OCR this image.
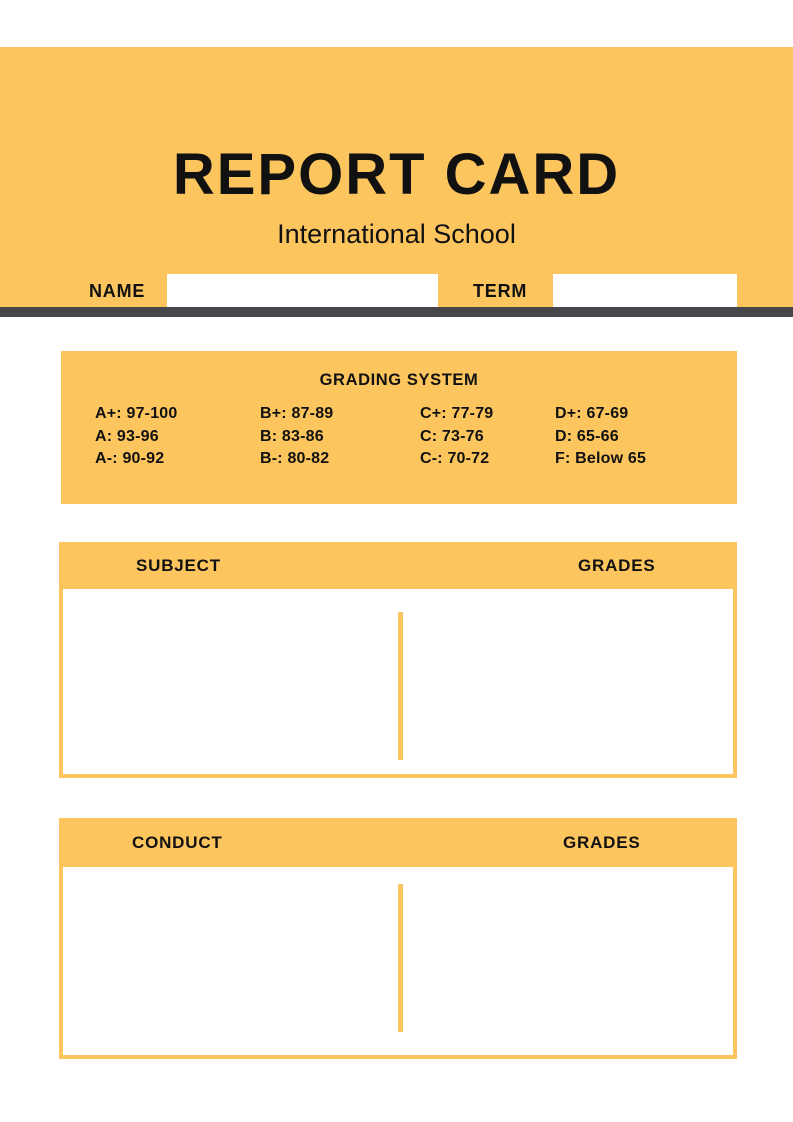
REPORT CARD
International School
NAME	TERM
GRADING SYSTEM
A+: 97-100	B+: 87-89	C+: 77-79	D+: 67-69
A: 93-96	B: 83-86	C: 73-76	D: 65-66
A-: 90-92	B-: 80-82	C-: 70-72	F: Below 65
SUBJECT	GRADES
CONDUCT	GRADES
